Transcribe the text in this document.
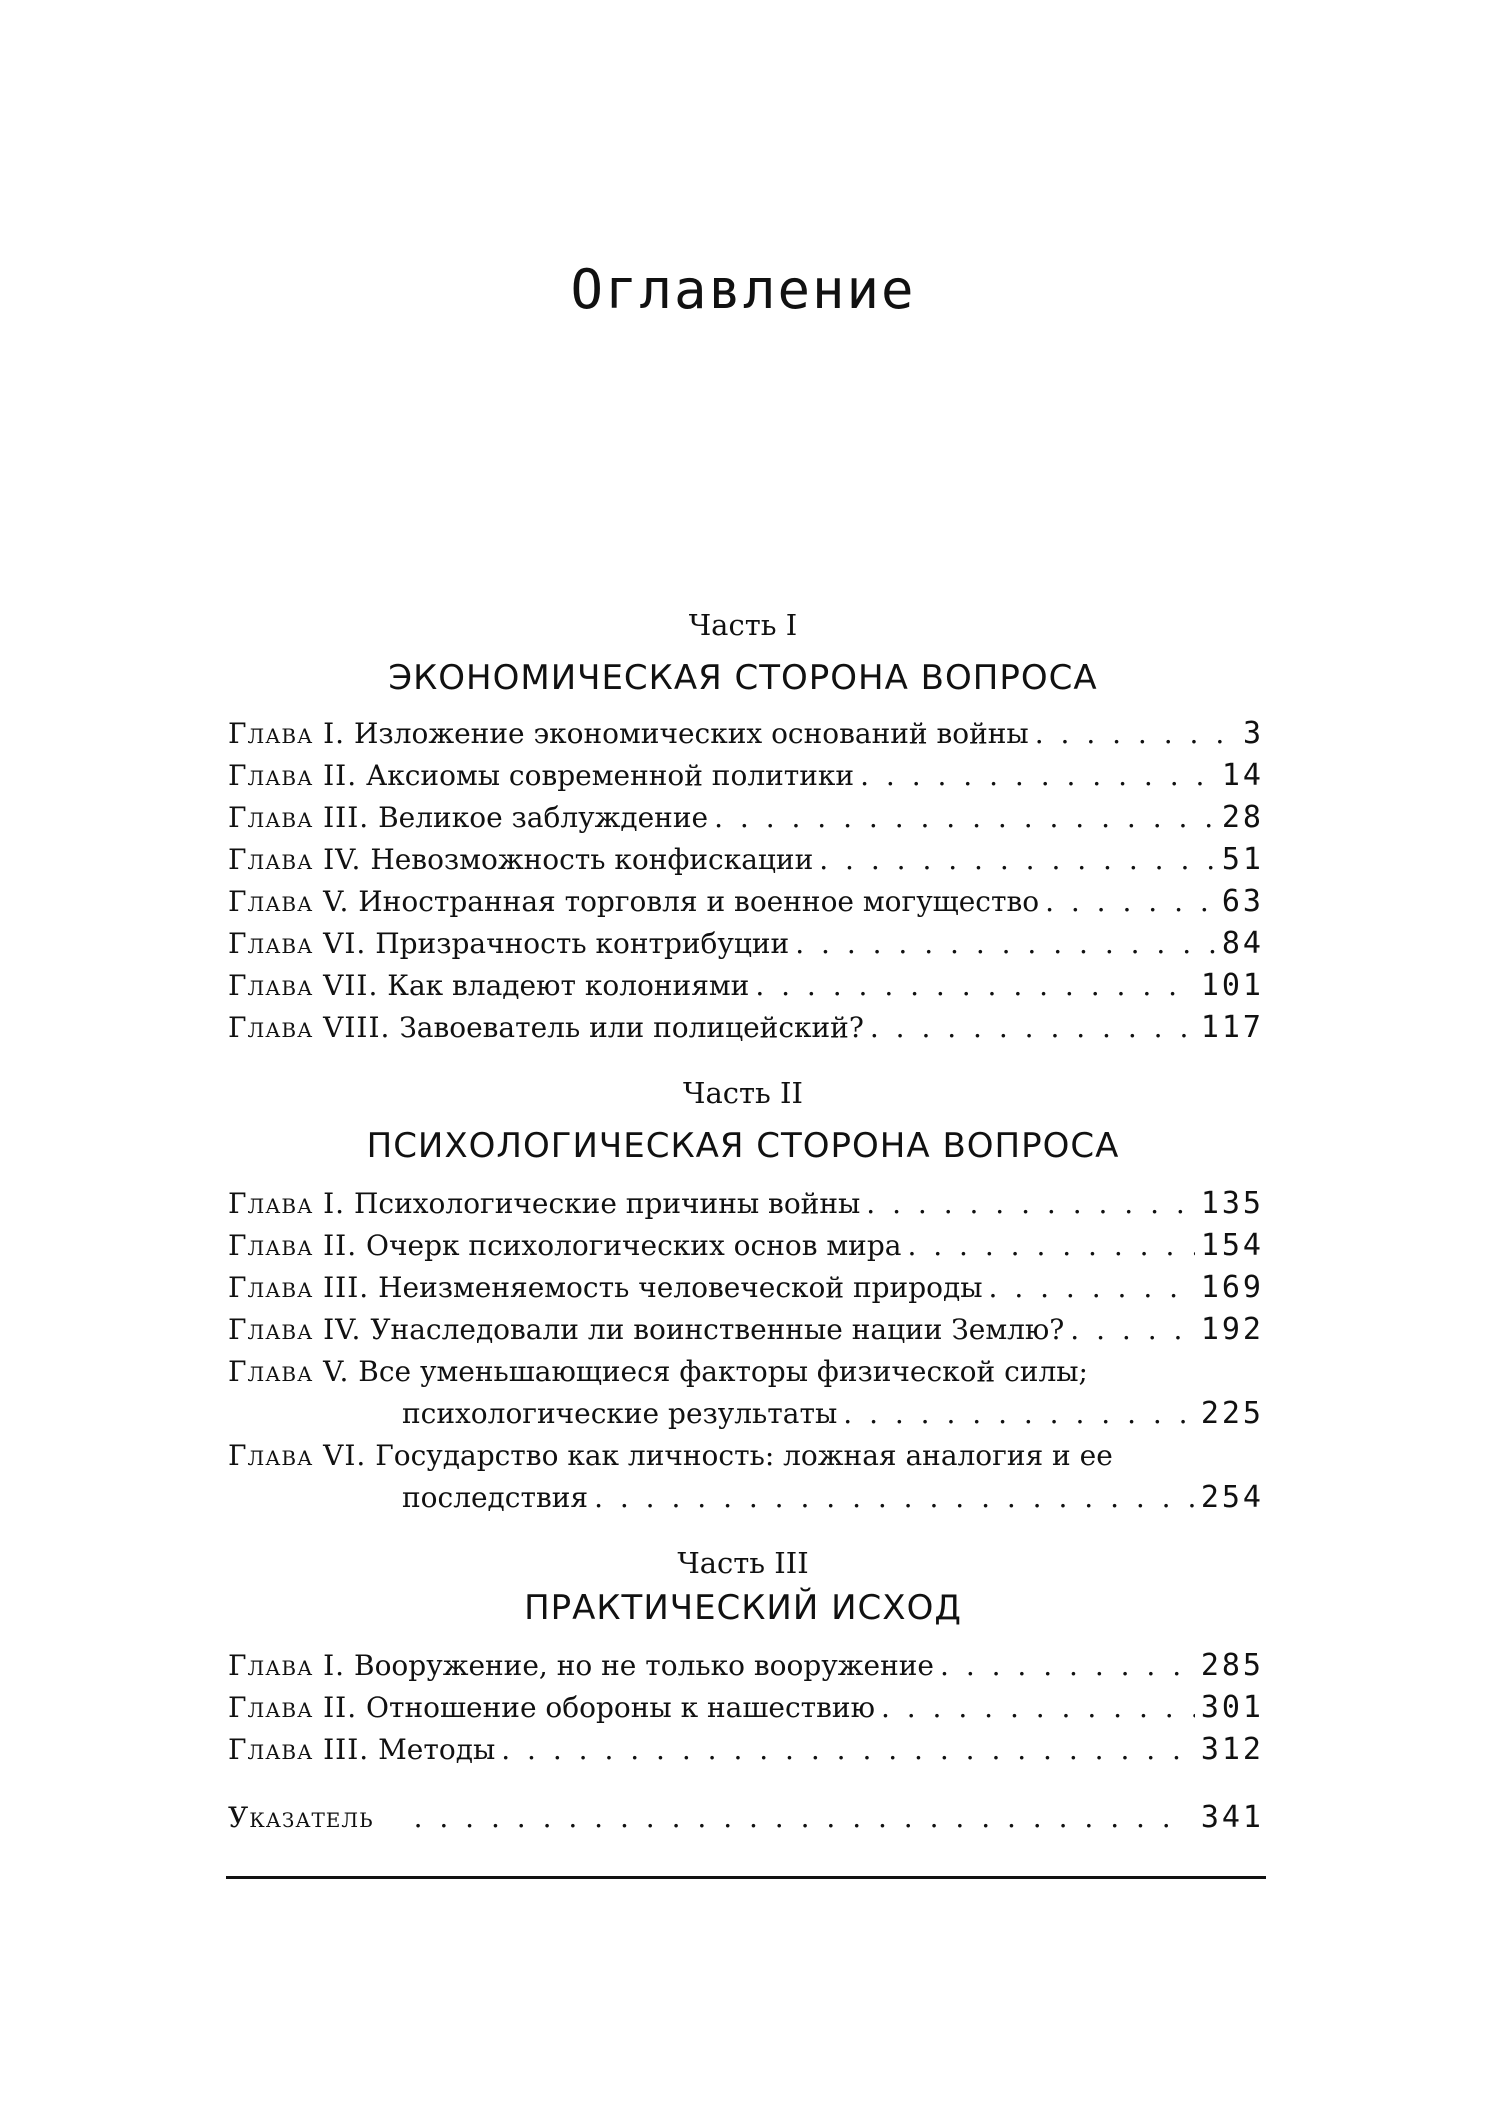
Оглавление
Часть I
ЭКОНОМИЧЕСКАЯ СТОРОНА ВОПРОСА
Глава I. Изложение экономических оснований войны . . .	3
Глава II. Аксиомы современной политики . . .	14
Глава III. Великое заблуждение . . .	28
Глава IV. Невозможность конфискации . . .	51
Глава V. Иностранная торговля и военное могущество . . .	63
Глава VI. Призрачность контрибуции . . .	84
Глава VII. Как владеют колониями . . .	101
Глава VIII. Завоеватель или полицейский? . . .	117
Часть II
ПСИХОЛОГИЧЕСКАЯ СТОРОНА ВОПРОСА
Глава I. Психологические причины войны . . .	135
Глава II. Очерк психологических основ мира . . .	154
Глава III. Неизменяемость человеческой природы . . .	169
Глава IV. Унаследовали ли воинственные нации Землю? . . .	192
Глава V. Все уменьшающиеся факторы физической силы;
психологические результаты . . .	225
Глава VI. Государство как личность: ложная аналогия и ее
последствия . . .	254
Часть III
ПРАКТИЧЕСКИЙ ИСХОД
Глава I. Вооружение, но не только вооружение . . .	285
Глава II. Отношение обороны к нашествию . . .	301
Глава III. Методы . . .	312
Указатель . . .	341
